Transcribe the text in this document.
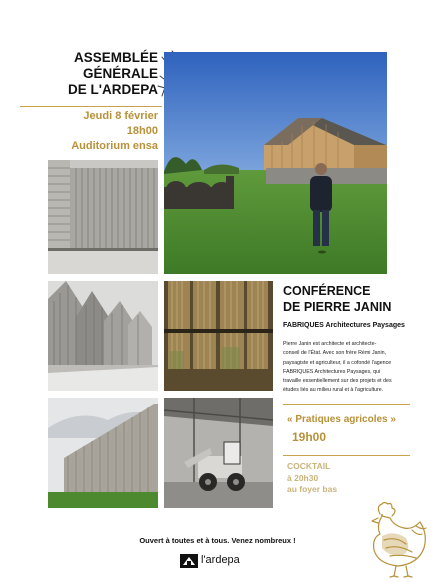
ASSEMBLÉE
GÉNÉRALE
DE L'ARDEPA
Jeudi 8 février
18h00
Auditorium ensa
CONFÉRENCE
DE PIERRE JANIN
FABRIQUES Architectures Paysages
Pierre Janin est architecte et architecte-
conseil de l'État. Avec son frère Rémi Janin,
paysagiste et agriculteur, il a cofondé l'agence
FABRIQUES Architectures Paysages, qui
travaille essentiellement sur des projets et des
études liés au milieu rural et à l'agriculture.
« Pratiques agricoles »
19h00
COCKTAIL
à 20h30
au foyer bas
Ouvert à toutes et à tous. Venez nombreux !
l'ardepa
